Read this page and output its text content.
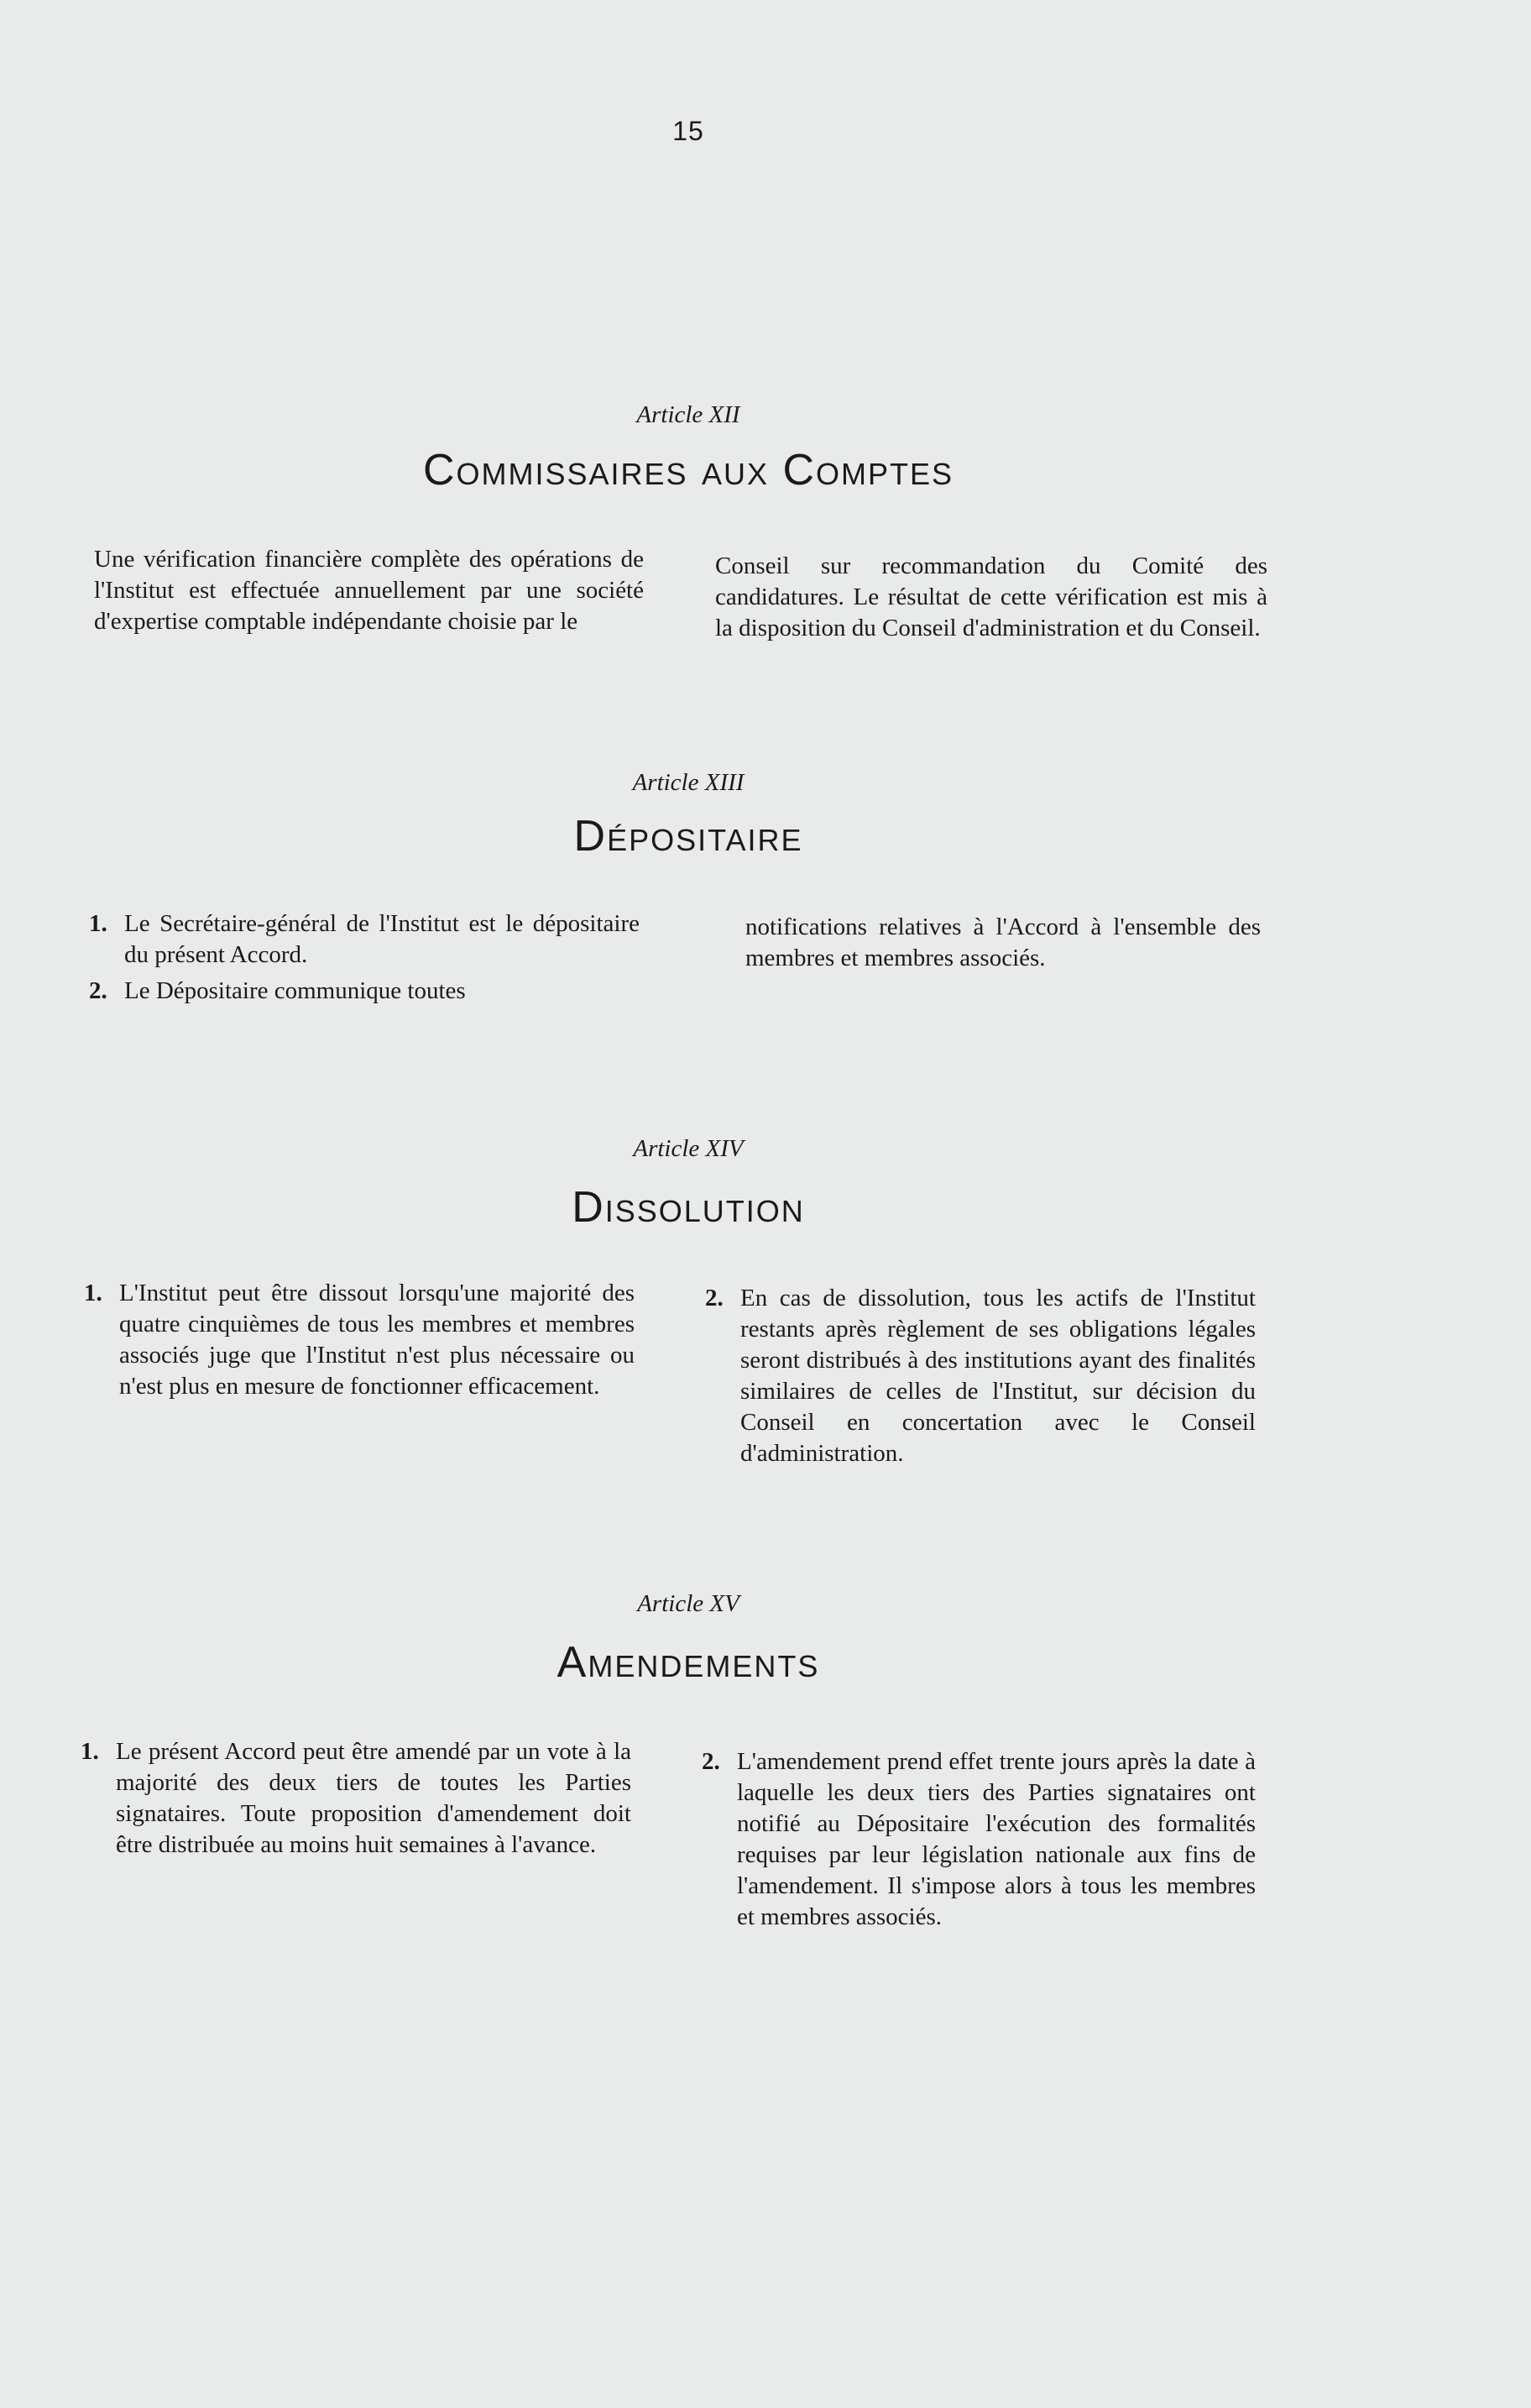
15
Article XII
Commissaires aux Comptes
Une vérification financière complète des opérations de l'Institut est effectuée annuellement par une société d'expertise comptable indépendante choisie par le
Conseil sur recommandation du Comité des candidatures. Le résultat de cette vérification est mis à la disposition du Conseil d'administration et du Conseil.
Article XIII
Dépositaire
1. Le Secrétaire-général de l'Institut est le dépositaire du présent Accord.
2. Le Dépositaire communique toutes
notifications relatives à l'Accord à l'ensemble des membres et membres associés.
Article XIV
Dissolution
1. L'Institut peut être dissout lorsqu'une majorité des quatre cinquièmes de tous les membres et membres associés juge que l'Institut n'est plus nécessaire ou n'est plus en mesure de fonctionner efficacement.
2. En cas de dissolution, tous les actifs de l'Institut restants après règlement de ses obligations légales seront distribués à des institutions ayant des finalités similaires de celles de l'Institut, sur décision du Conseil en concertation avec le Conseil d'administration.
Article XV
Amendements
1. Le présent Accord peut être amendé par un vote à la majorité des deux tiers de toutes les Parties signataires. Toute proposition d'amendement doit être distribuée au moins huit semaines à l'avance.
2. L'amendement prend effet trente jours après la date à laquelle les deux tiers des Parties signataires ont notifié au Dépositaire l'exécution des formalités requises par leur législation nationale aux fins de l'amendement. Il s'impose alors à tous les membres et membres associés.
